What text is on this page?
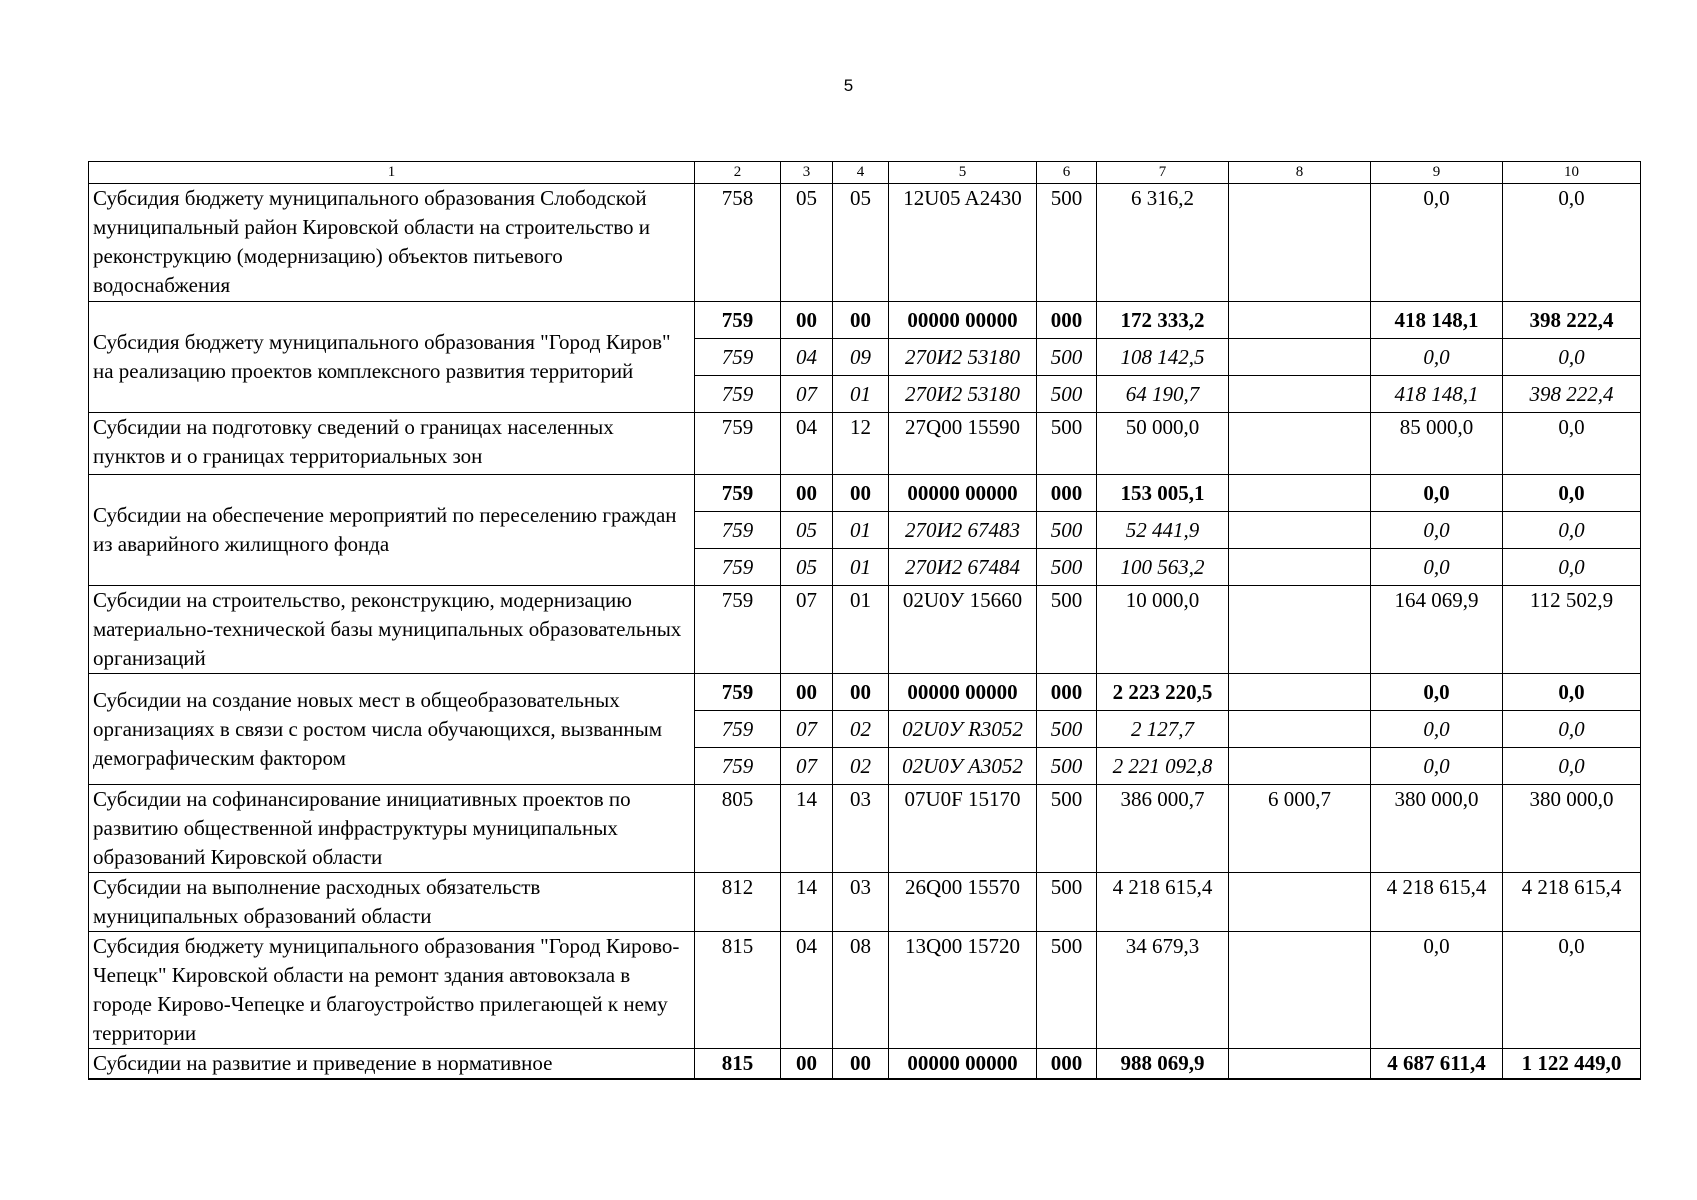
5
1	2	3	4	5	6	7	8	9	10
Субсидия бюджету муниципального образования Слободской муниципальный район Кировской области на строительство и реконструкцию (модернизацию) объектов питьевого водоснабжения	758	05	05	12U05 A2430	500	6 316,2		0,0	0,0
Субсидия бюджету муниципального образования "Город Киров" на реализацию проектов комплексного развития территорий	759	00	00	00000 00000	000	172 333,2		418 148,1	398 222,4
	759	04	09	270И2 53180	500	108 142,5		0,0	0,0
	759	07	01	270И2 53180	500	64 190,7		418 148,1	398 222,4
Субсидии на подготовку сведений о границах населенных пунктов и о границах территориальных зон	759	04	12	27Q00 15590	500	50 000,0		85 000,0	0,0
Субсидии на обеспечение мероприятий по переселению граждан из аварийного жилищного фонда	759	00	00	00000 00000	000	153 005,1		0,0	0,0
	759	05	01	270И2 67483	500	52 441,9		0,0	0,0
	759	05	01	270И2 67484	500	100 563,2		0,0	0,0
Субсидии на строительство, реконструкцию, модернизацию материально-технической базы муниципальных образовательных организаций	759	07	01	02U0У 15660	500	10 000,0		164 069,9	112 502,9
Субсидии на создание новых мест в общеобразовательных организациях в связи с ростом числа обучающихся, вызванным демографическим фактором	759	00	00	00000 00000	000	2 223 220,5		0,0	0,0
	759	07	02	02U0У R3052	500	2 127,7		0,0	0,0
	759	07	02	02U0У A3052	500	2 221 092,8		0,0	0,0
Субсидии на софинансирование инициативных проектов по развитию общественной инфраструктуры муниципальных образований Кировской области	805	14	03	07U0F 15170	500	386 000,7	6 000,7	380 000,0	380 000,0
Субсидии на выполнение расходных обязательств муниципальных образований области	812	14	03	26Q00 15570	500	4 218 615,4		4 218 615,4	4 218 615,4
Субсидия бюджету муниципального образования "Город Кирово-Чепецк" Кировской области на ремонт здания автовокзала в городе Кирово-Чепецке и благоустройство прилегающей к нему территории	815	04	08	13Q00 15720	500	34 679,3		0,0	0,0
Субсидии на развитие и приведение в нормативное	815	00	00	00000 00000	000	988 069,9		4 687 611,4	1 122 449,0
